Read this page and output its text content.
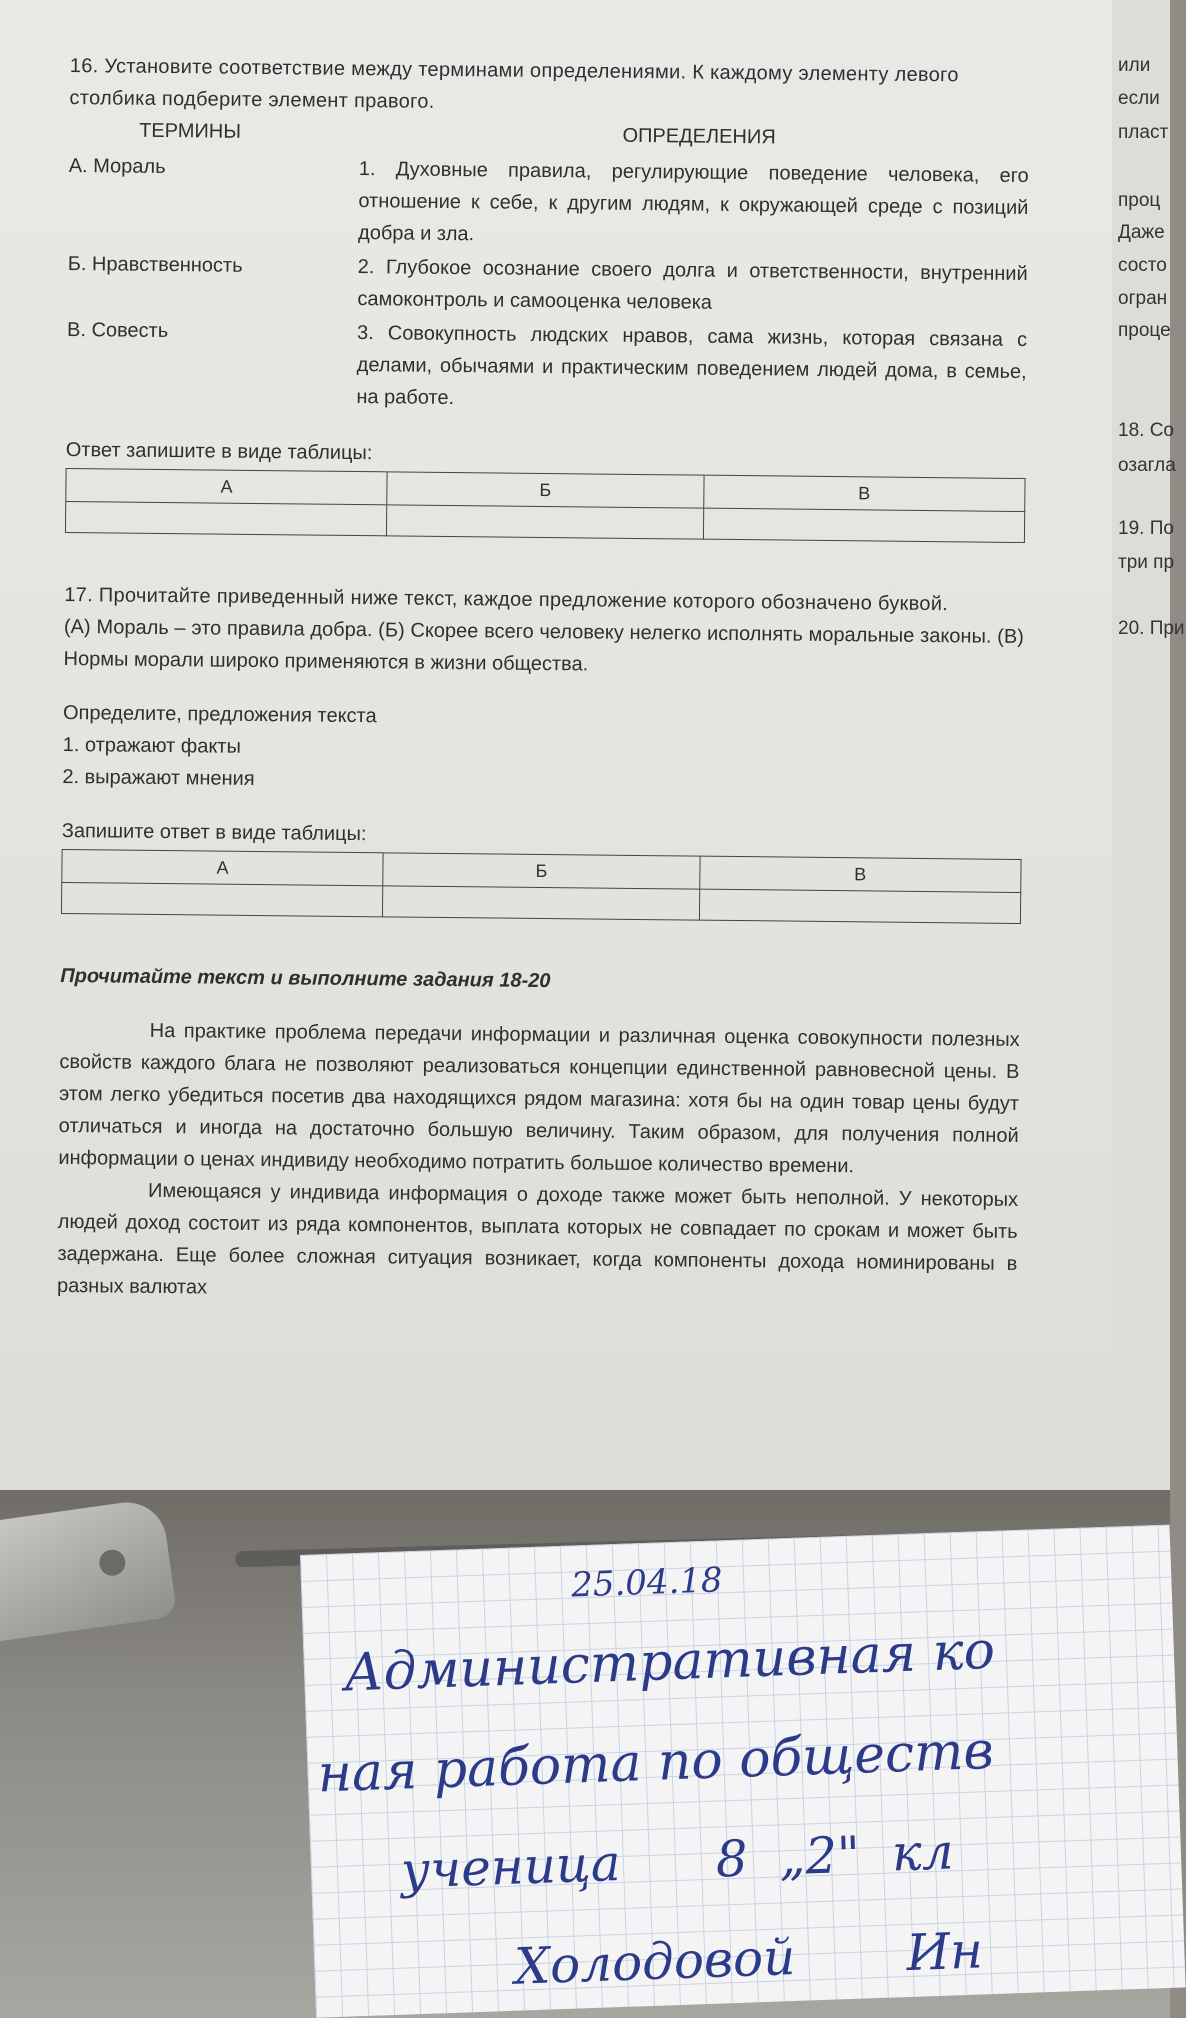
16. Установите соответствие между терминами определениями. К каждому элементу левого столбика подберите элемент правого.
ТЕРМИНЫ	ОПРЕДЕЛЕНИЯ
А. Мораль	1. Духовные правила, регулирующие поведение человека, его отношение к себе, к другим людям, к окружающей среде с позиций добра и зла.
Б. Нравственность	2. Глубокое осознание своего долга и ответственности, внутренний самоконтроль и самооценка человека
В. Совесть	3. Совокупность людских нравов, сама жизнь, которая связана с делами, обычаями и практическим поведением людей дома, в семье, на работе.
Ответ запишите в виде таблицы:
А	Б	В

17. Прочитайте приведенный ниже текст, каждое предложение которого обозначено буквой.
(А) Мораль – это правила добра. (Б) Скорее всего человеку нелегко исполнять моральные законы. (В) Нормы морали широко применяются в жизни общества.
Определите, предложения текста
1. отражают факты
2. выражают мнения
Запишите ответ в виде таблицы:
А	Б	В

Прочитайте текст и выполните задания 18-20

На практике проблема передачи информации и различная оценка совокупности полезных свойств каждого блага не позволяют реализоваться концепции единственной равновесной цены. В этом легко убедиться посетив два находящихся рядом магазина: хотя бы на один товар цены будут отличаться и иногда на достаточно большую величину. Таким образом, для получения полной информации о ценах индивиду необходимо потратить большое количество времени.

Имеющаяся у индивида информация о доходе также может быть неполной. У некоторых людей доход состоит из ряда компонентов, выплата которых не совпадает по срокам и может быть задержана. Еще более сложная ситуация возникает, когда компоненты дохода номинированы в разных валютах

или
если
пласт
проц
Даже
состо
огран
проце
18. Со
озагла
19. По
три пр
20. При
25.04.18
Административная ко
ная работа по обществ
ученица      8  „2"  кл
Холодовой       Ин
